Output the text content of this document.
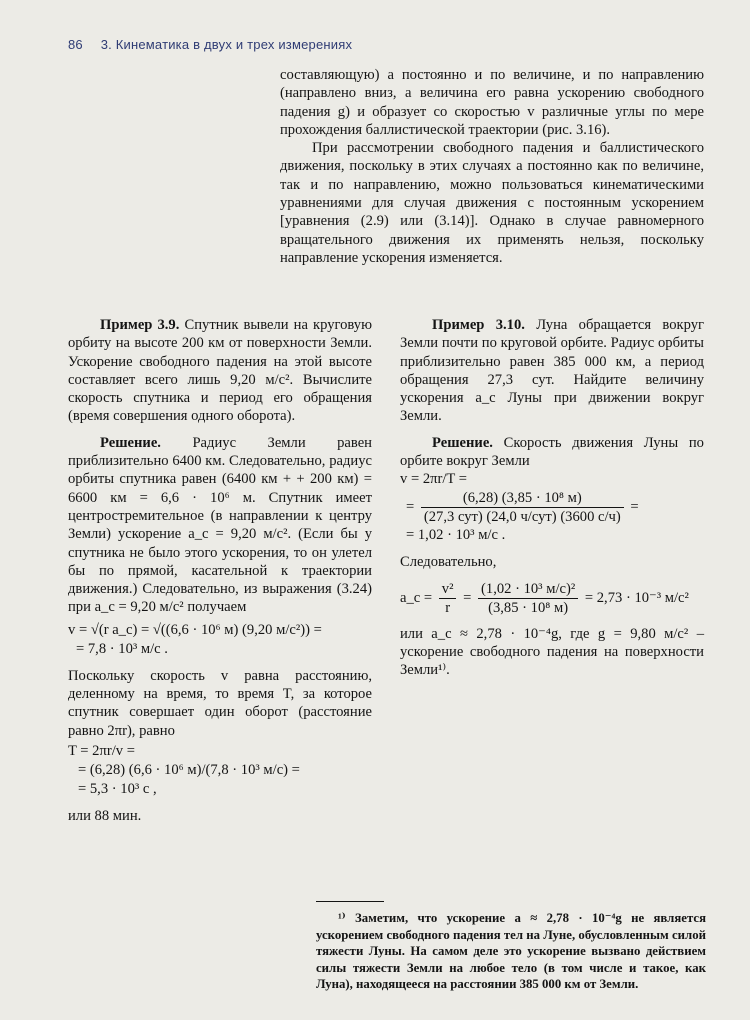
86 3. Кинематика в двух и трех измерениях

составляющую) a постоянно и по величине, и по направлению (направлено вниз, а величина его равна ускорению свободного падения g) и образует со скоростью v различные углы по мере прохождения баллистической траектории (рис. 3.16).

При рассмотрении свободного падения и баллистического движения, поскольку в этих случаях a постоянно как по величине, так и по направлению, можно пользоваться кинематическими уравнениями для случая движения с постоянным ускорением [уравнения (2.9) или (3.14)]. Однако в случае равномерного вращательного движения их применять нельзя, поскольку направление ускорения изменяется.

Пример 3.9. Спутник вывели на круговую орбиту на высоте 200 км от поверхности Земли. Ускорение свободного падения на этой высоте составляет всего лишь 9,20 м/с². Вычислите скорость спутника и период его обращения (время совершения одного оборота).

Решение. Радиус Земли равен приблизительно 6400 км. Следовательно, радиус орбиты спутника равен (6400 км + + 200 км) = 6600 км = 6,6 · 10⁶ м. Спутник имеет центростремительное (в направлении к центру Земли) ускорение a_c = 9,20 м/с². (Если бы у спутника не было этого ускорения, то он улетел бы по прямой, касательной к траектории движения.) Следовательно, из выражения (3.24) при a_c = 9,20 м/с² получаем

v = √(r a_c) = √((6,6 · 10⁶ м) (9,20 м/с²)) =
= 7,8 · 10³ м/с .

Поскольку скорость v равна расстоянию, деленному на время, то время T, за которое спутник совершает один оборот (расстояние равно 2πr), равно

T = 2πr/v =
= (6,28) (6,6 · 10⁶ м)/(7,8 · 10³ м/с) =
= 5,3 · 10³ с ,

или 88 мин.

Пример 3.10. Луна обращается вокруг Земли почти по круговой орбите. Радиус орбиты приблизительно равен 385 000 км, а период обращения 27,3 сут. Найдите величину ускорения a_c Луны при движении вокруг Земли.

Решение. Скорость движения Луны по орбите вокруг Земли

v = 2πr/T =
= $\frac{\text{(6,28) (3,85 · 10⁸ м)}}{\text{(27,3 сут) (24,0 ч/сут) (3600 с/ч)}}$ =
= 1,02 · 10³ м/с .

Следовательно,

a_c = $\frac{\text{v²}}{r} = \frac{\text{(1,02 · 10³ м/с)²}}{\text{(3,85 · 10⁸ м)}} = 2,73 \cdot 10^{-3}$ м/с²

или a_c ≈ 2,78 · 10⁻⁴g, где g = 9,80 м/с² – ускорение свободного падения на поверхности Земли¹⁾.

¹⁾ Заметим, что ускорение a ≈ 2,78 · 10⁻⁴g не является ускорением свободного падения тел на Луне, обусловленным силой тяжести Луны. На самом деле это ускорение вызвано действием силы тяжести Земли на любое тело (в том числе и такое, как Луна), находящееся на расстоянии 385 000 км от Земли.
